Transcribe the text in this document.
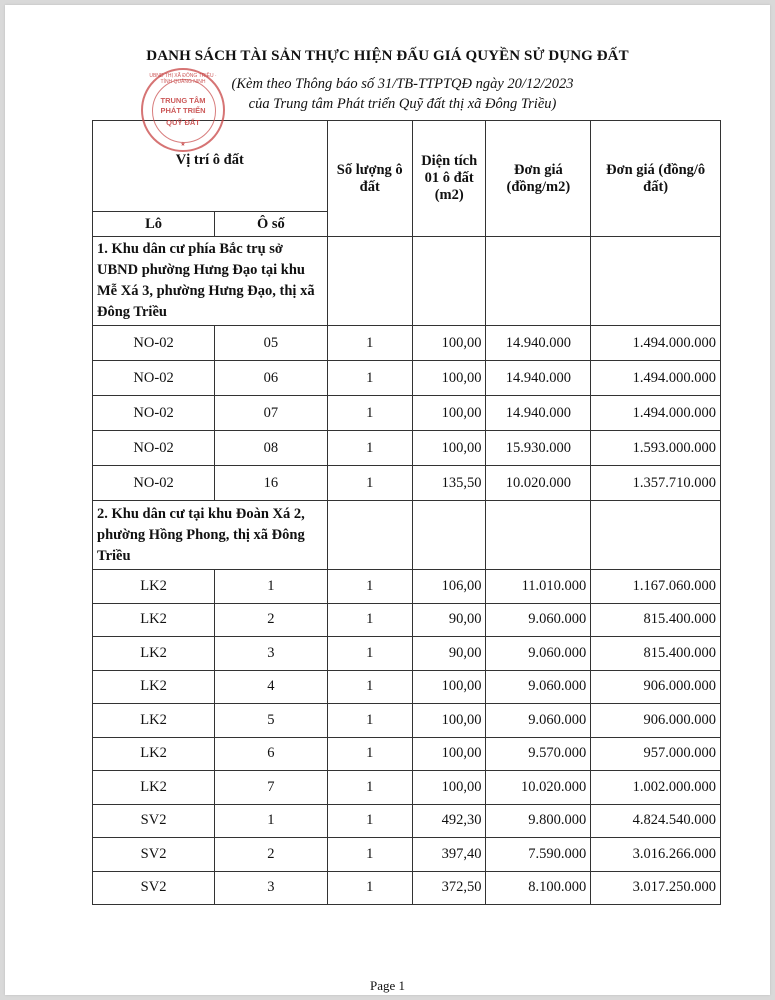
DANH SÁCH TÀI SẢN THỰC HIỆN ĐẤU GIÁ QUYỀN SỬ DỤNG ĐẤT
(Kèm theo Thông báo số 31/TB-TTPTQĐ ngày 20/12/2023
của Trung tâm Phát triển Quỹ đất thị xã Đông Triều)
UBND THỊ XÃ ĐÔNG TRIỀU · TỈNH QUẢNG NINH
TRUNG TÂM
PHÁT TRIỂN
QUỸ ĐẤT
★
Vị trí ô đất		Số lượng ô đất	Diện tích 01 ô đất (m2)	Đơn giá (đồng/m2)	Đơn giá (đồng/ô đất)
Lô	Ô số				
1. Khu dân cư phía Bắc trụ sở UBND phường Hưng Đạo tại khu Mễ Xá 3, phường Hưng Đạo, thị xã Đông Triều					
NO-02	05	1	100,00	14.940.000	1.494.000.000
NO-02	06	1	100,00	14.940.000	1.494.000.000
NO-02	07	1	100,00	14.940.000	1.494.000.000
NO-02	08	1	100,00	15.930.000	1.593.000.000
NO-02	16	1	135,50	10.020.000	1.357.710.000
2. Khu dân cư tại khu Đoàn Xá 2, phường Hồng Phong, thị xã Đông Triều					
LK2	1	1	106,00	11.010.000	1.167.060.000
LK2	2	1	90,00	9.060.000	815.400.000
LK2	3	1	90,00	9.060.000	815.400.000
LK2	4	1	100,00	9.060.000	906.000.000
LK2	5	1	100,00	9.060.000	906.000.000
LK2	6	1	100,00	9.570.000	957.000.000
LK2	7	1	100,00	10.020.000	1.002.000.000
SV2	1	1	492,30	9.800.000	4.824.540.000
SV2	2	1	397,40	7.590.000	3.016.266.000
SV2	3	1	372,50	8.100.000	3.017.250.000
Page 1
